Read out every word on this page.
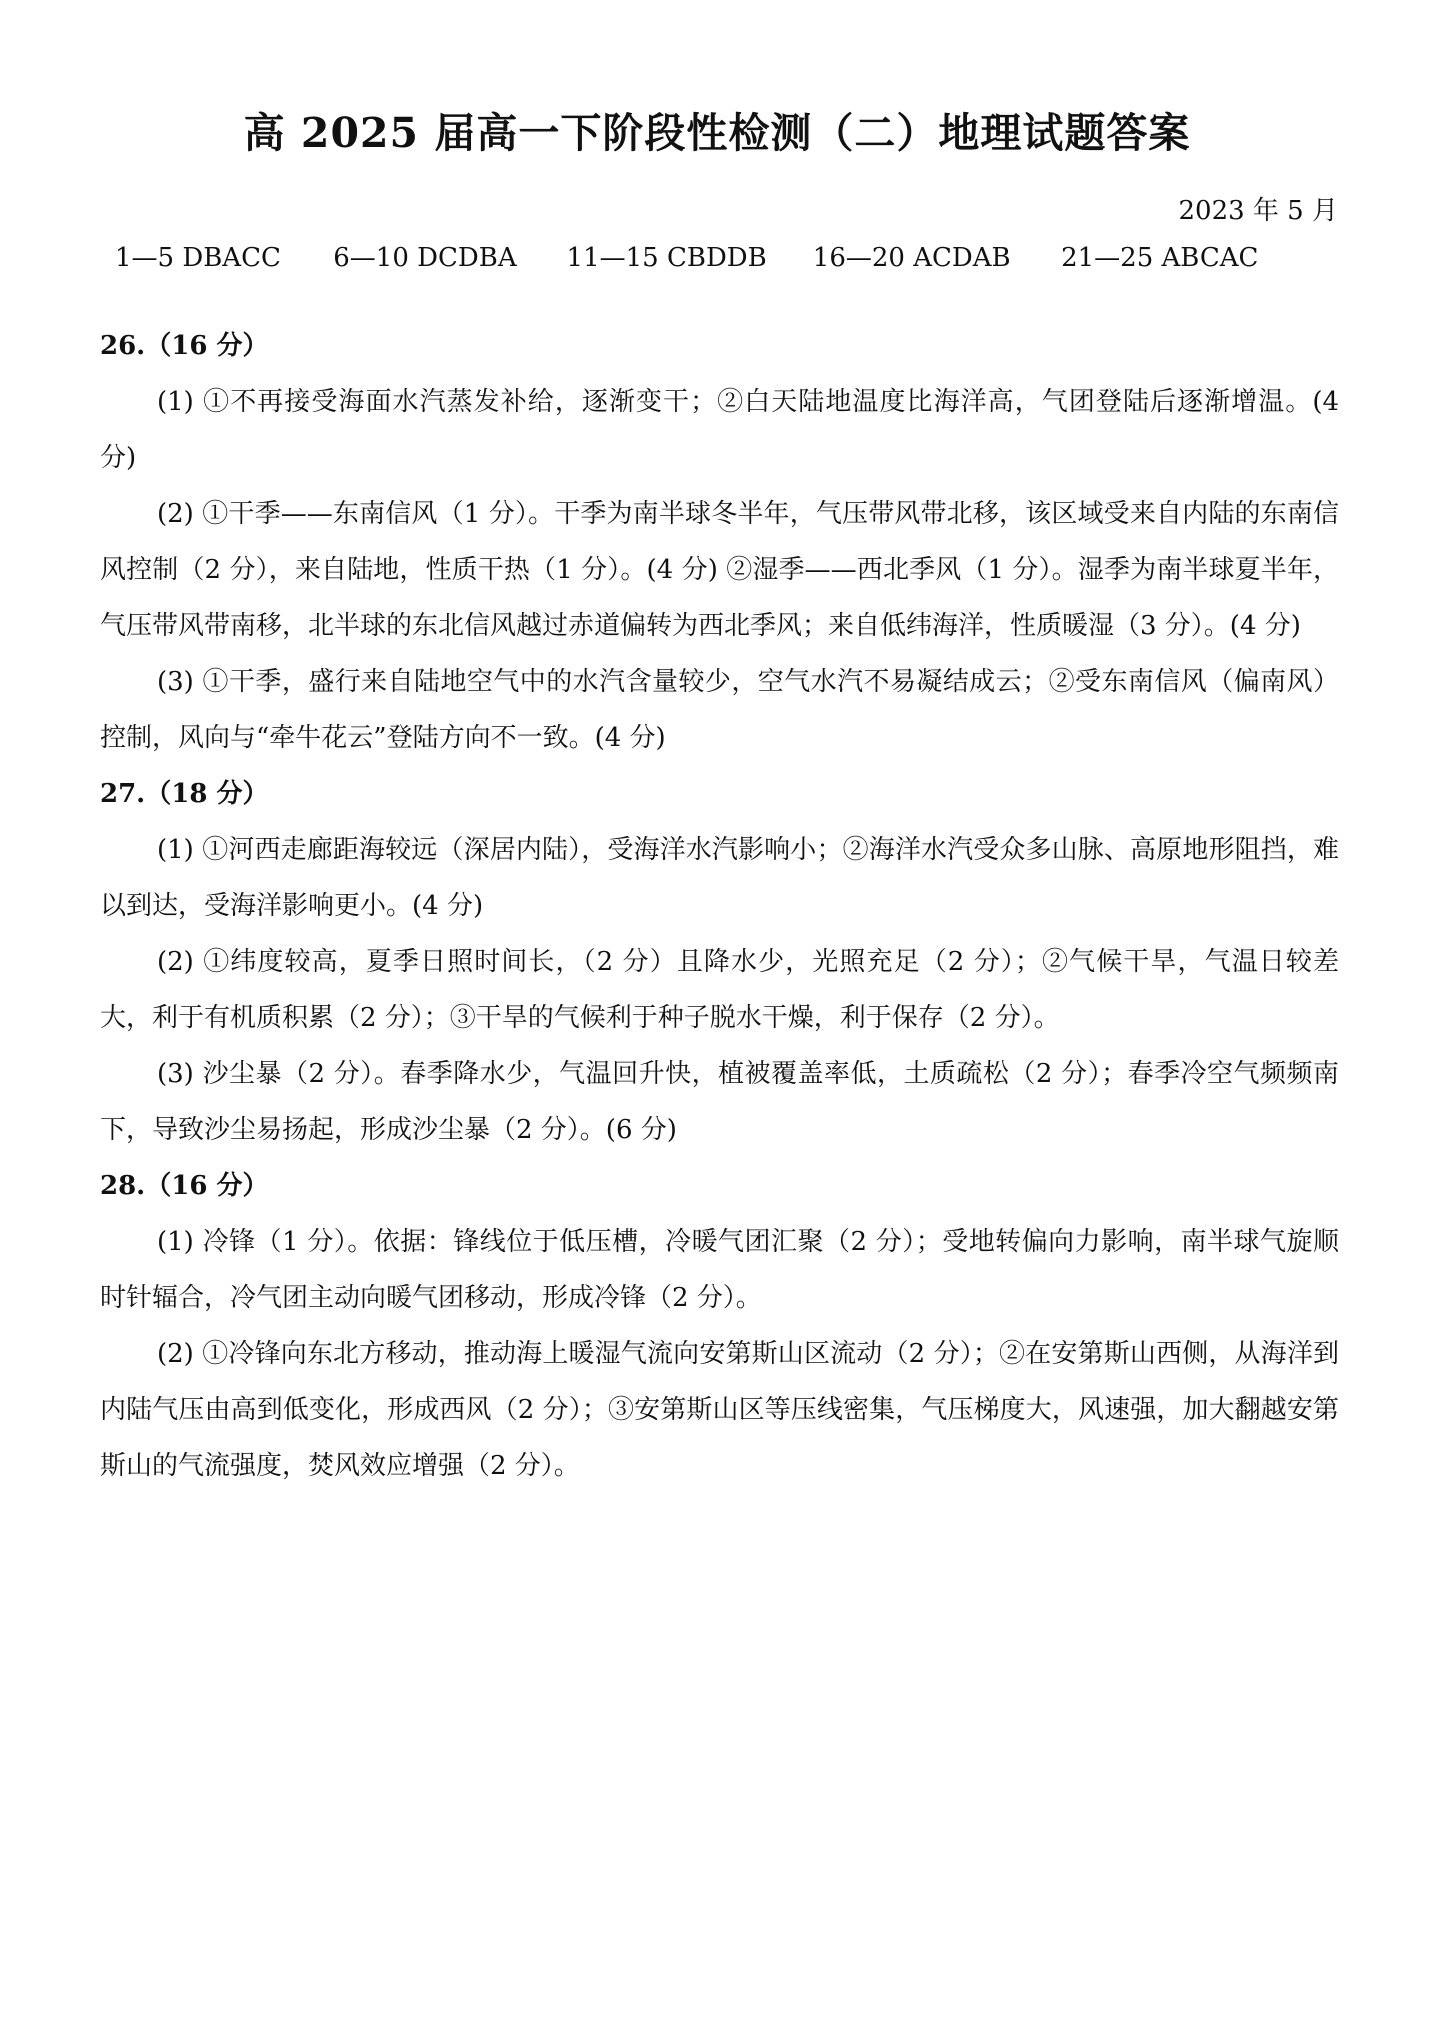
高 2025 届高一下阶段性检测（二）地理试题答案
2023 年 5 月
1—5 DBACC 6—10 DCDBA 11—15 CBDDB 16—20 ACDAB 21—25 ABCAC

26.（16 分）

(1) ①不再接受海面水汽蒸发补给，逐渐变干；②白天陆地温度比海洋高，气团登陆后逐渐增温。(4 分)

(2) ①干季——东南信风（1 分）。干季为南半球冬半年，气压带风带北移，该区域受来自内陆的东南信风控制（2 分），来自陆地，性质干热（1 分）。(4 分) ②湿季——西北季风（1 分）。湿季为南半球夏半年，气压带风带南移，北半球的东北信风越过赤道偏转为西北季风；来自低纬海洋，性质暖湿（3 分）。(4 分)

(3) ①干季，盛行来自陆地空气中的水汽含量较少，空气水汽不易凝结成云；②受东南信风（偏南风）控制，风向与“牵牛花云”登陆方向不一致。(4 分)

27.（18 分）

(1) ①河西走廊距海较远（深居内陆），受海洋水汽影响小；②海洋水汽受众多山脉、高原地形阻挡，难以到达，受海洋影响更小。(4 分)

(2) ①纬度较高，夏季日照时间长，（2 分）且降水少，光照充足（2 分）；②气候干旱，气温日较差大，利于有机质积累（2 分）；③干旱的气候利于种子脱水干燥，利于保存（2 分）。

(3) 沙尘暴（2 分）。春季降水少，气温回升快，植被覆盖率低，土质疏松（2 分）；春季冷空气频频南下，导致沙尘易扬起，形成沙尘暴（2 分）。(6 分)

28.（16 分）

(1) 冷锋（1 分）。依据：锋线位于低压槽，冷暖气团汇聚（2 分）；受地转偏向力影响，南半球气旋顺时针辐合，冷气团主动向暖气团移动，形成冷锋（2 分）。

(2) ①冷锋向东北方移动，推动海上暖湿气流向安第斯山区流动（2 分）；②在安第斯山西侧，从海洋到内陆气压由高到低变化，形成西风（2 分）；③安第斯山区等压线密集，气压梯度大，风速强，加大翻越安第斯山的气流强度，焚风效应增强（2 分）。
